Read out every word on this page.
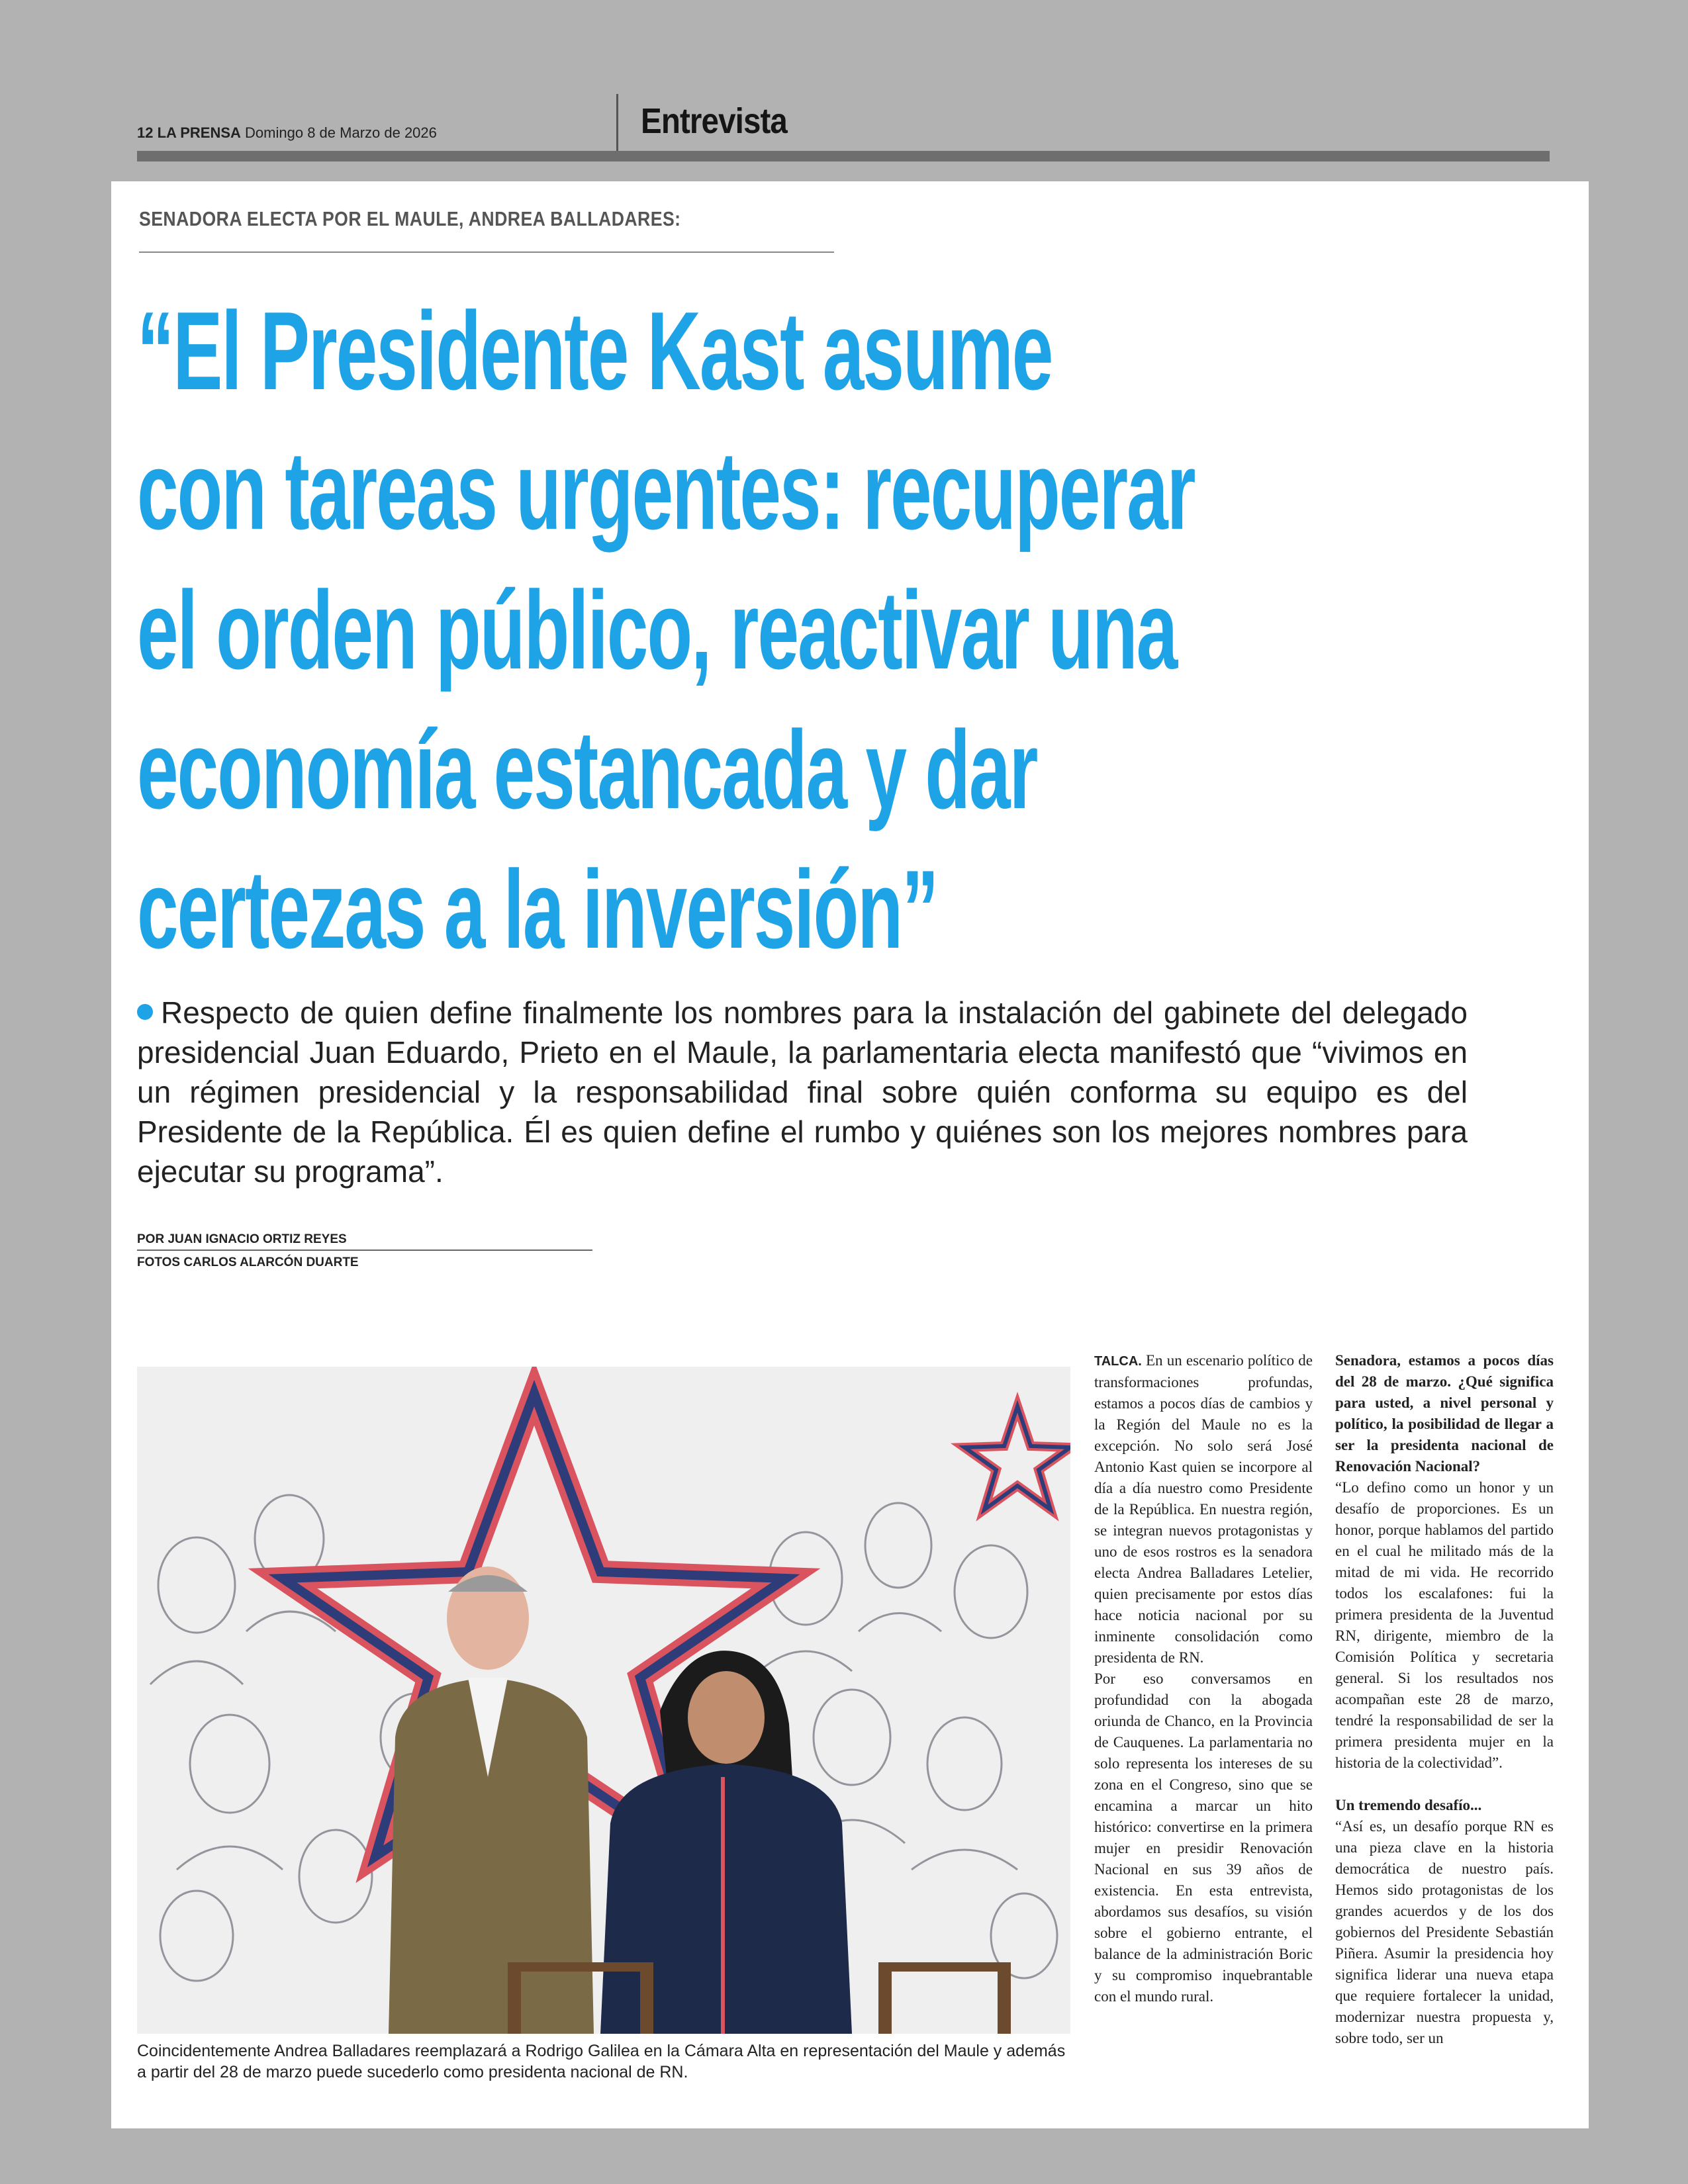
12 LA PRENSA Domingo 8 de Marzo de 2026	Entrevista
SENADORA ELECTA POR EL MAULE, ANDREA BALLADARES:
“El Presidente Kast asume
con tareas urgentes: recuperar
el orden público, reactivar una
economía estancada y dar
certezas a la inversión”
Respecto de quien define finalmente los nombres para la instalación del gabinete del delegado presidencial Juan Eduardo, Prieto en el Maule, la parlamentaria electa manifestó que “vivimos en un régimen presidencial y la responsabilidad final sobre quién conforma su equipo es del Presidente de la República. Él es quien define el rumbo y quiénes son los mejores nombres para ejecutar su programa”.
POR JUAN IGNACIO ORTIZ REYES
FOTOS CARLOS ALARCÓN DUARTE
Coincidentemente Andrea Balladares reemplazará a Rodrigo Galilea en la Cámara Alta en representación del Maule y además a partir del 28 de marzo puede sucederlo como presidenta nacional de RN.

TALCA. En un escenario político de transformaciones profundas, estamos a pocos días de cambios y la Región del Maule no es la excepción. No solo será José Antonio Kast quien se incorpore al día a día nuestro como Presidente de la República. En nuestra región, se integran nuevos protagonistas y uno de esos rostros es la senadora electa Andrea Balladares Letelier, quien precisamente por estos días hace noticia nacional por su inminente consolidación como presidenta de RN.

Por eso conversamos en profundidad con la abogada oriunda de Chanco, en la Provincia de Cauquenes. La parlamentaria no solo representa los intereses de su zona en el Congreso, sino que se encamina a marcar un hito histórico: convertirse en la primera mujer en presidir Renovación Nacional en sus 39 años de existencia. En esta entrevista, abordamos sus desafíos, su visión sobre el gobierno entrante, el balance de la administración Boric y su compromiso inquebrantable con el mundo rural.

Senadora, estamos a pocos días del 28 de marzo. ¿Qué significa para usted, a nivel personal y político, la posibilidad de llegar a ser la presidenta nacional de Renovación Nacional?

“Lo defino como un honor y un desafío de proporciones. Es un honor, porque hablamos del partido en el cual he militado más de la mitad de mi vida. He recorrido todos los escalafones: fui la primera presidenta de la Juventud RN, dirigente, miembro de la Comisión Política y secretaria general. Si los resultados nos acompañan este 28 de marzo, tendré la responsabilidad de ser la primera presidenta mujer en la historia de la colectividad”.

Un tremendo desafío...

“Así es, un desafío porque RN es una pieza clave en la historia democrática de nuestro país. Hemos sido protagonistas de los grandes acuerdos y de los dos gobiernos del Presidente Sebastián Piñera. Asumir la presidencia hoy significa liderar una nueva etapa que requiere fortalecer la unidad, modernizar nuestra propuesta y, sobre todo, ser un
